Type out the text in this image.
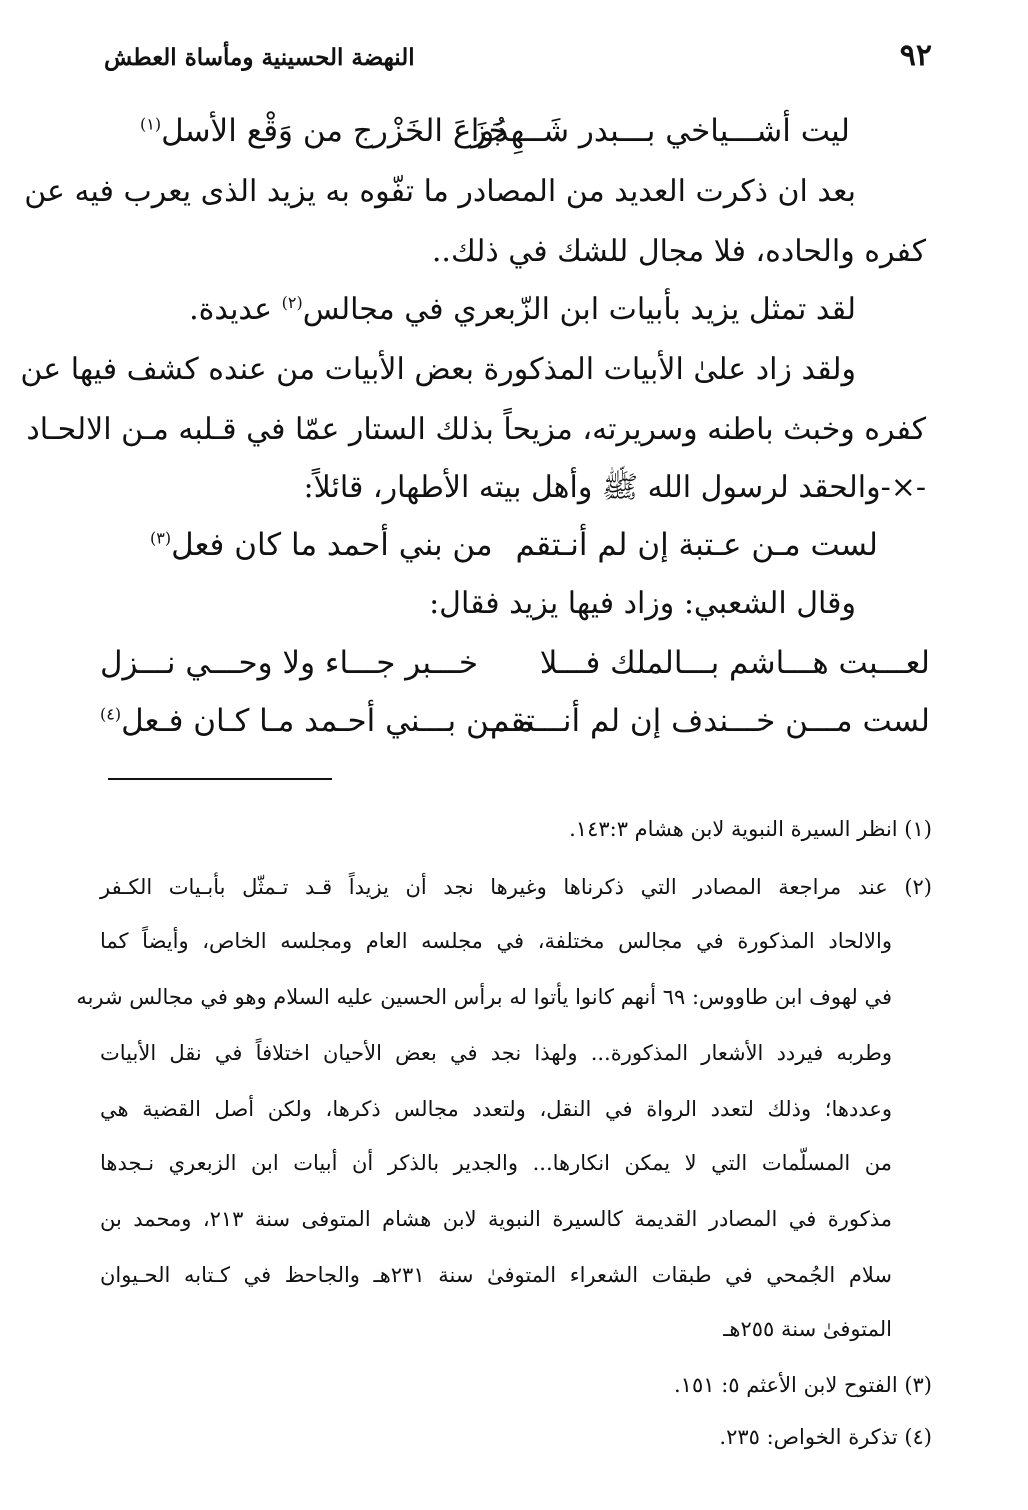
٩٢
النهضة الحسينية ومأساة العطش
ليت أشـــياخي بـــبدر شَــهِدُوا
جَزَعَ الخَزْرج من وَقْع الأسل$^{(١)}$
بعد ان ذكرت العديد من المصادر ما تفّوه به يزيد الذى يعرب فيه عن
كفره والحاده، فلا مجال للشك في ذلك..
لقد تمثل يزيد بأبيات ابن الزّبعري في مجالس$^{(٢)}$ عديدة.
ولقد زاد علىٰ الأبيات المذكورة بعض الأبيات من عنده كشف فيها عن
كفره وخبث باطنه وسريرته، مزيحاً بذلك الستار عمّا في قـلبه مـن الالحـاد
-×-والحقد لرسول الله ﷺ وأهل بيته الأطهار، قائلاً:
لست مـن عـتبة إن لم أنـتقم
من بني أحمد ما كان فعل$^{(٣)}$
وقال الشعبي: وزاد فيها يزيد فقال:
لعـــبت هـــاشم بـــالملك فـــلا
خـــبر جـــاء ولا وحـــي نـــزل
لست مـــن خـــندف إن لم أنـــتقم
مـــن بـــني أحـمد مـا كـان فـعل$^{(٤)}$
(١) انظر السيرة النبوية لابن هشام ١٤٣:٣.
(٢) عند مراجعة المصادر التي ذكرناها وغيرها نجد أن يزيداً قـد تـمثّل بأبـيات الكـفر
والالحاد المذكورة في مجالس مختلفة، في مجلسه العام ومجلسه الخاص، وأيضاً كما
في لهوف ابن طاووس: ٦٩ أنهم كانوا يأتوا له برأس الحسين عليه السلام وهو في مجالس شربه
وطربه فيردد الأشعار المذكورة... ولهذا نجد في بعض الأحيان اختلافاً في نقل الأبيات
وعددها؛ وذلك لتعدد الرواة في النقل، ولتعدد مجالس ذكرها، ولكن أصل القضية هي
من المسلّمات التي لا يمكن انكارها... والجدير بالذكر أن أبيات ابن الزبعري نـجدها
مذكورة في المصادر القديمة كالسيرة النبوية لابن هشام المتوفى سنة ٢١٣، ومحمد بن
سلام الجُمحي في طبقات الشعراء المتوفىٰ سنة ٢٣١هـ والجاحظ في كـتابه الحـيوان
المتوفىٰ سنة ٢٥٥هـ
(٣) الفتوح لابن الأعثم ٥: ١٥١.
(٤) تذكرة الخواص: ٢٣٥.
